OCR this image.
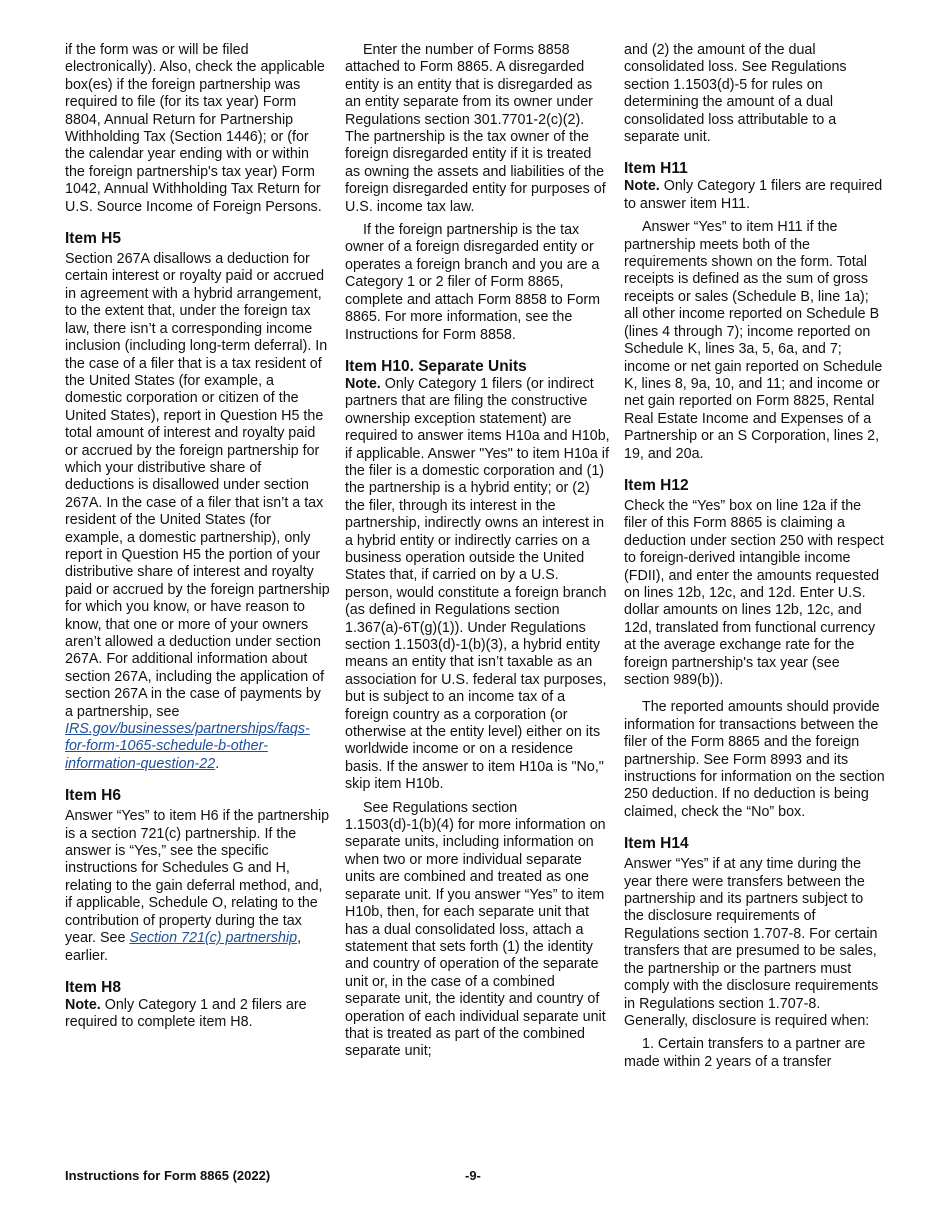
if the form was or will be filed electronically). Also, check the applicable box(es) if the foreign partnership was required to file (for its tax year) Form 8804, Annual Return for Partnership Withholding Tax (Section 1446); or (for the calendar year ending with or within the foreign partnership's tax year) Form 1042, Annual Withholding Tax Return for U.S. Source Income of Foreign Persons.

Item H5

Section 267A disallows a deduction for certain interest or royalty paid or accrued in agreement with a hybrid arrangement, to the extent that, under the foreign tax law, there isn’t a corresponding income inclusion (including long-term deferral). In the case of a filer that is a tax resident of the United States (for example, a domestic corporation or citizen of the United States), report in Question H5 the total amount of interest and royalty paid or accrued by the foreign partnership for which your distributive share of deductions is disallowed under section 267A. In the case of a filer that isn’t a tax resident of the United States (for example, a domestic partnership), only report in Question H5 the portion of your distributive share of interest and royalty paid or accrued by the foreign partnership for which you know, or have reason to know, that one or more of your owners aren’t allowed a deduction under section 267A. For additional information about section 267A, including the application of section 267A in the case of payments by a partnership, see IRS.gov/businesses/partnerships/faqs-for-form-1065-schedule-b-other-information-question-22.

Item H6

Answer “Yes” to item H6 if the partnership is a section 721(c) partnership. If the answer is “Yes,” see the specific instructions for Schedules G and H, relating to the gain deferral method, and, if applicable, Schedule O, relating to the contribution of property during the tax year. See Section 721(c) partnership, earlier.

Item H8

Note. Only Category 1 and 2 filers are required to complete item H8.

Enter the number of Forms 8858 attached to Form 8865. A disregarded entity is an entity that is disregarded as an entity separate from its owner under Regulations section 301.7701-2(c)(2). The partnership is the tax owner of the foreign disregarded entity if it is treated as owning the assets and liabilities of the foreign disregarded entity for purposes of U.S. income tax law.

If the foreign partnership is the tax owner of a foreign disregarded entity or operates a foreign branch and you are a Category 1 or 2 filer of Form 8865, complete and attach Form 8858 to Form 8865. For more information, see the Instructions for Form 8858.

Item H10. Separate Units

Note. Only Category 1 filers (or indirect partners that are filing the constructive ownership exception statement) are required to answer items H10a and H10b, if applicable. Answer "Yes" to item H10a if the filer is a domestic corporation and (1) the partnership is a hybrid entity; or (2) the filer, through its interest in the partnership, indirectly owns an interest in a hybrid entity or indirectly carries on a business operation outside the United States that, if carried on by a U.S. person, would constitute a foreign branch (as defined in Regulations section 1.367(a)-6T(g)(1)). Under Regulations section 1.1503(d)-1(b)(3), a hybrid entity means an entity that isn’t taxable as an association for U.S. federal tax purposes, but is subject to an income tax of a foreign country as a corporation (or otherwise at the entity level) either on its worldwide income or on a residence basis. If the answer to item H10a is "No," skip item H10b.

See Regulations section 1.1503(d)-1(b)(4) for more information on separate units, including information on when two or more individual separate units are combined and treated as one separate unit. If you answer “Yes” to item H10b, then, for each separate unit that has a dual consolidated loss, attach a statement that sets forth (1) the identity and country of operation of the separate unit or, in the case of a combined separate unit, the identity and country of operation of each individual separate unit that is treated as part of the combined separate unit;

and (2) the amount of the dual consolidated loss. See Regulations section 1.1503(d)-5 for rules on determining the amount of a dual consolidated loss attributable to a separate unit.

Item H11

Note. Only Category 1 filers are required to answer item H11.

Answer “Yes” to item H11 if the partnership meets both of the requirements shown on the form. Total receipts is defined as the sum of gross receipts or sales (Schedule B, line 1a); all other income reported on Schedule B (lines 4 through 7); income reported on Schedule K, lines 3a, 5, 6a, and 7; income or net gain reported on Schedule K, lines 8, 9a, 10, and 11; and income or net gain reported on Form 8825, Rental Real Estate Income and Expenses of a Partnership or an S Corporation, lines 2, 19, and 20a.

Item H12

Check the “Yes” box on line 12a if the filer of this Form 8865 is claiming a deduction under section 250 with respect to foreign-derived intangible income (FDII), and enter the amounts requested on lines 12b, 12c, and 12d. Enter U.S. dollar amounts on lines 12b, 12c, and 12d, translated from functional currency at the average exchange rate for the foreign partnership's tax year (see section 989(b)).

The reported amounts should provide information for transactions between the filer of the Form 8865 and the foreign partnership. See Form 8993 and its instructions for information on the section 250 deduction. If no deduction is being claimed, check the “No” box.

Item H14

Answer “Yes” if at any time during the year there were transfers between the partnership and its partners subject to the disclosure requirements of Regulations section 1.707-8. For certain transfers that are presumed to be sales, the partnership or the partners must comply with the disclosure requirements in Regulations section 1.707-8. Generally, disclosure is required when:

1. Certain transfers to a partner are made within 2 years of a transfer

Instructions for Form 8865 (2022)	-9-
